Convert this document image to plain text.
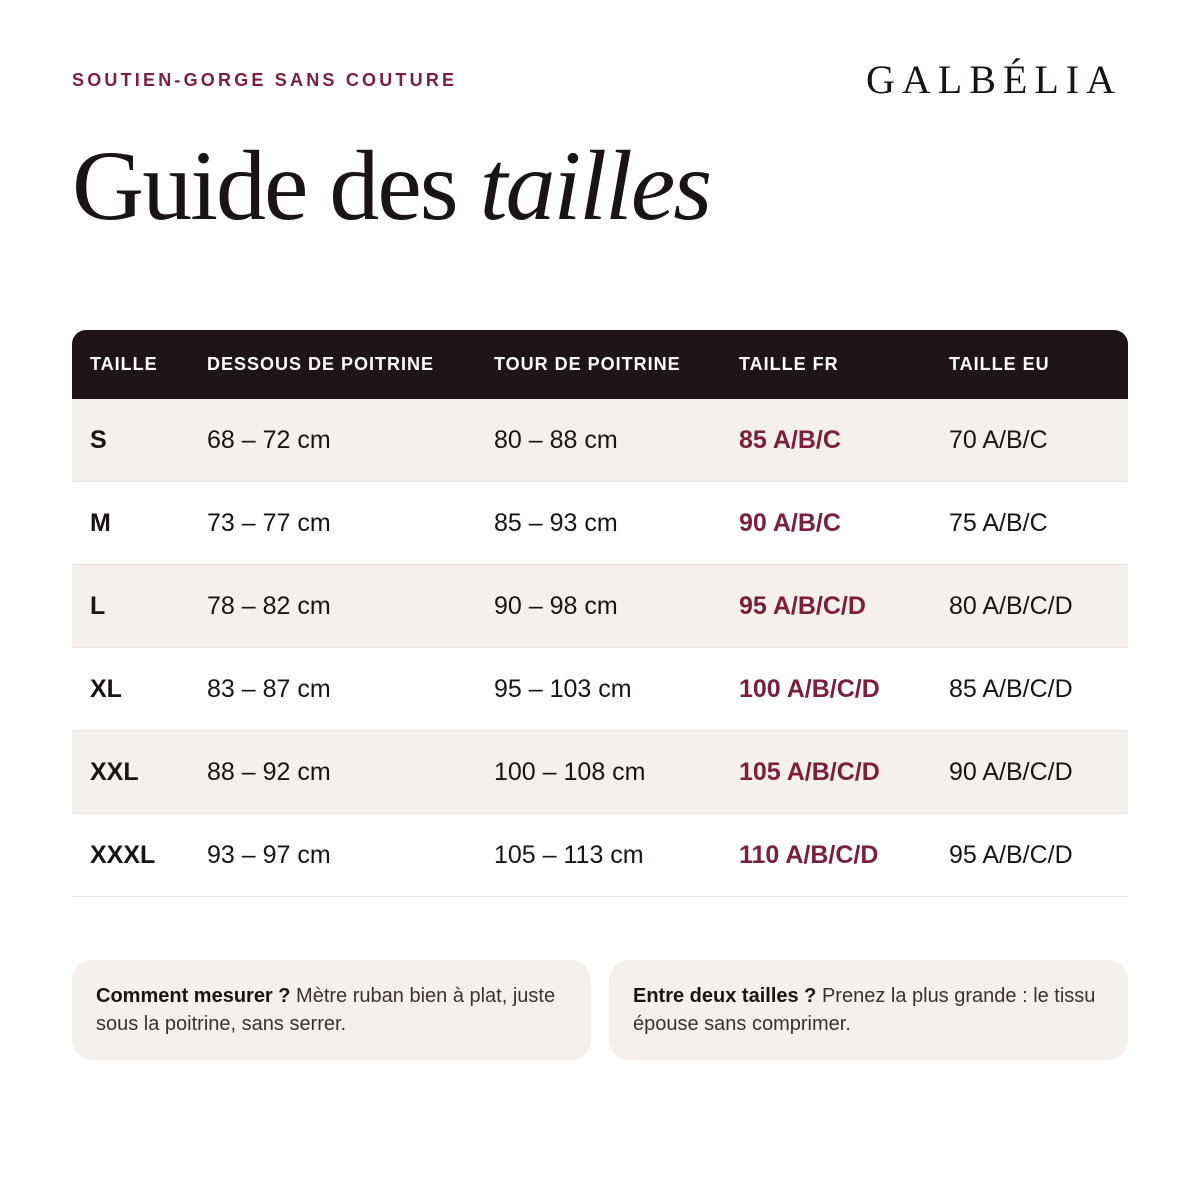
SOUTIEN-GORGE SANS COUTURE	GALBÉLIA
Guide des tailles
TAILLE	DESSOUS DE POITRINE	TOUR DE POITRINE	TAILLE FR	TAILLE EU
S	68 – 72 cm	80 – 88 cm	85 A/B/C	70 A/B/C
M	73 – 77 cm	85 – 93 cm	90 A/B/C	75 A/B/C
L	78 – 82 cm	90 – 98 cm	95 A/B/C/D	80 A/B/C/D
XL	83 – 87 cm	95 – 103 cm	100 A/B/C/D	85 A/B/C/D
XXL	88 – 92 cm	100 – 108 cm	105 A/B/C/D	90 A/B/C/D
XXXL	93 – 97 cm	105 – 113 cm	110 A/B/C/D	95 A/B/C/D
Comment mesurer ? Mètre ruban bien à plat, juste sous la poitrine, sans serrer.
Entre deux tailles ? Prenez la plus grande : le tissu épouse sans comprimer.
